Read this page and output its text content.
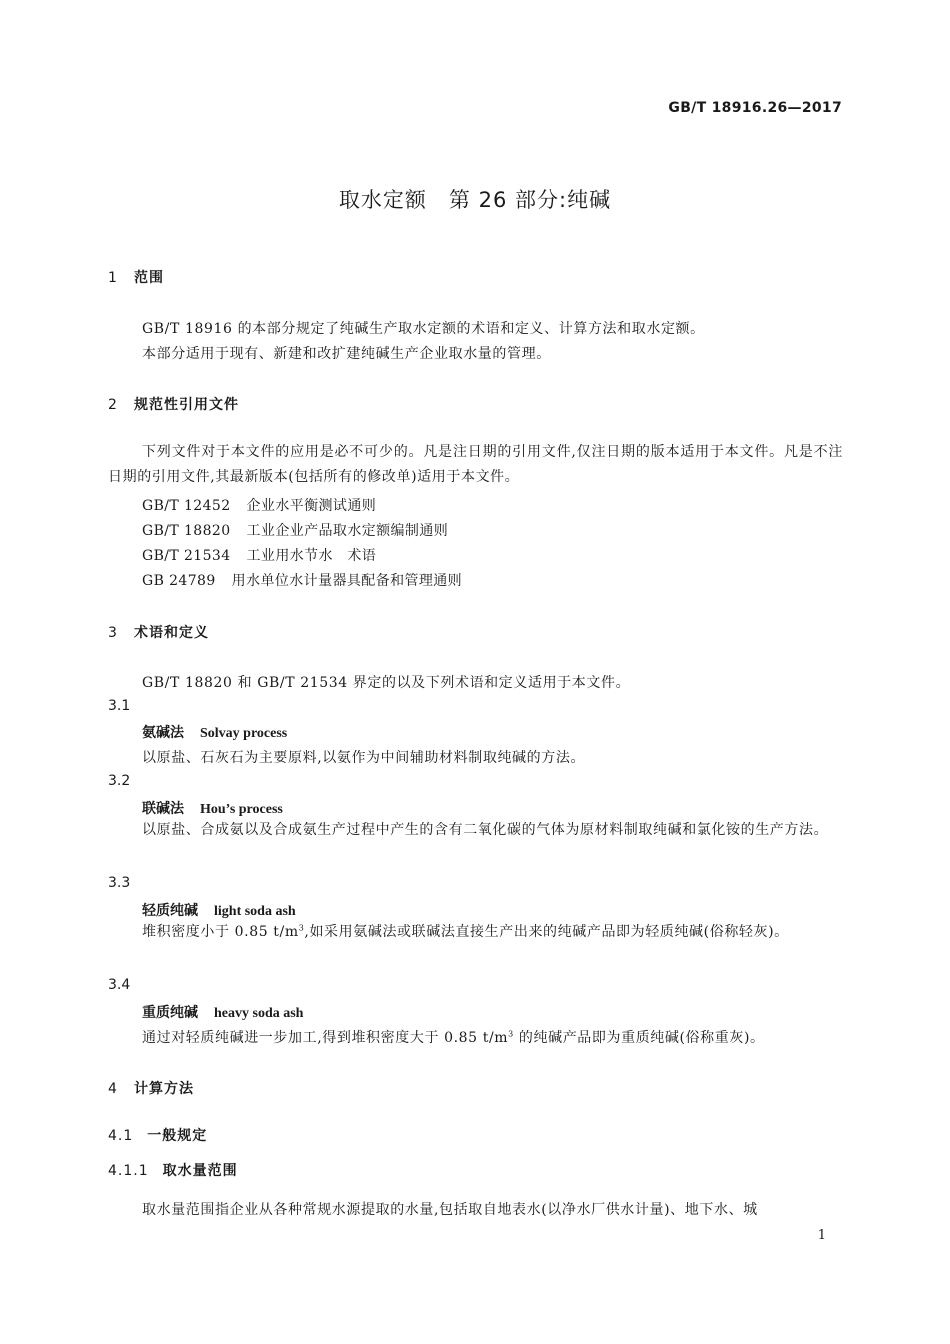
GB/T 18916.26—2017
取水定额　第 26 部分:纯碱
1 范围
GB/T 18916 的本部分规定了纯碱生产取水定额的术语和定义、计算方法和取水定额。
本部分适用于现有、新建和改扩建纯碱生产企业取水量的管理。
2 规范性引用文件
下列文件对于本文件的应用是必不可少的。凡是注日期的引用文件,仅注日期的版本适用于本文件。凡是不注日期的引用文件,其最新版本(包括所有的修改单)适用于本文件。
GB/T 12452 企业水平衡测试通则
GB/T 18820 工业企业产品取水定额编制通则
GB/T 21534 工业用水节水　术语
GB 24789 用水单位水计量器具配备和管理通则
3 术语和定义
GB/T 18820 和 GB/T 21534 界定的以及下列术语和定义适用于本文件。
3.1
氨碱法 Solvay process
以原盐、石灰石为主要原料,以氨作为中间辅助材料制取纯碱的方法。
3.2
联碱法 Hou’s process
以原盐、合成氨以及合成氨生产过程中产生的含有二氧化碳的气体为原材料制取纯碱和氯化铵的生产方法。
3.3
轻质纯碱 light soda ash
堆积密度小于 0.85 $t/m^3$,如采用氨碱法或联碱法直接生产出来的纯碱产品即为轻质纯碱(俗称轻灰)。
3.4
重质纯碱 heavy soda ash
通过对轻质纯碱进一步加工,得到堆积密度大于 0.85 $t/m^3$ 的纯碱产品即为重质纯碱(俗称重灰)。
4 计算方法
4.1 一般规定
4.1.1 取水量范围
取水量范围指企业从各种常规水源提取的水量,包括取自地表水(以净水厂供水计量)、地下水、城
1
